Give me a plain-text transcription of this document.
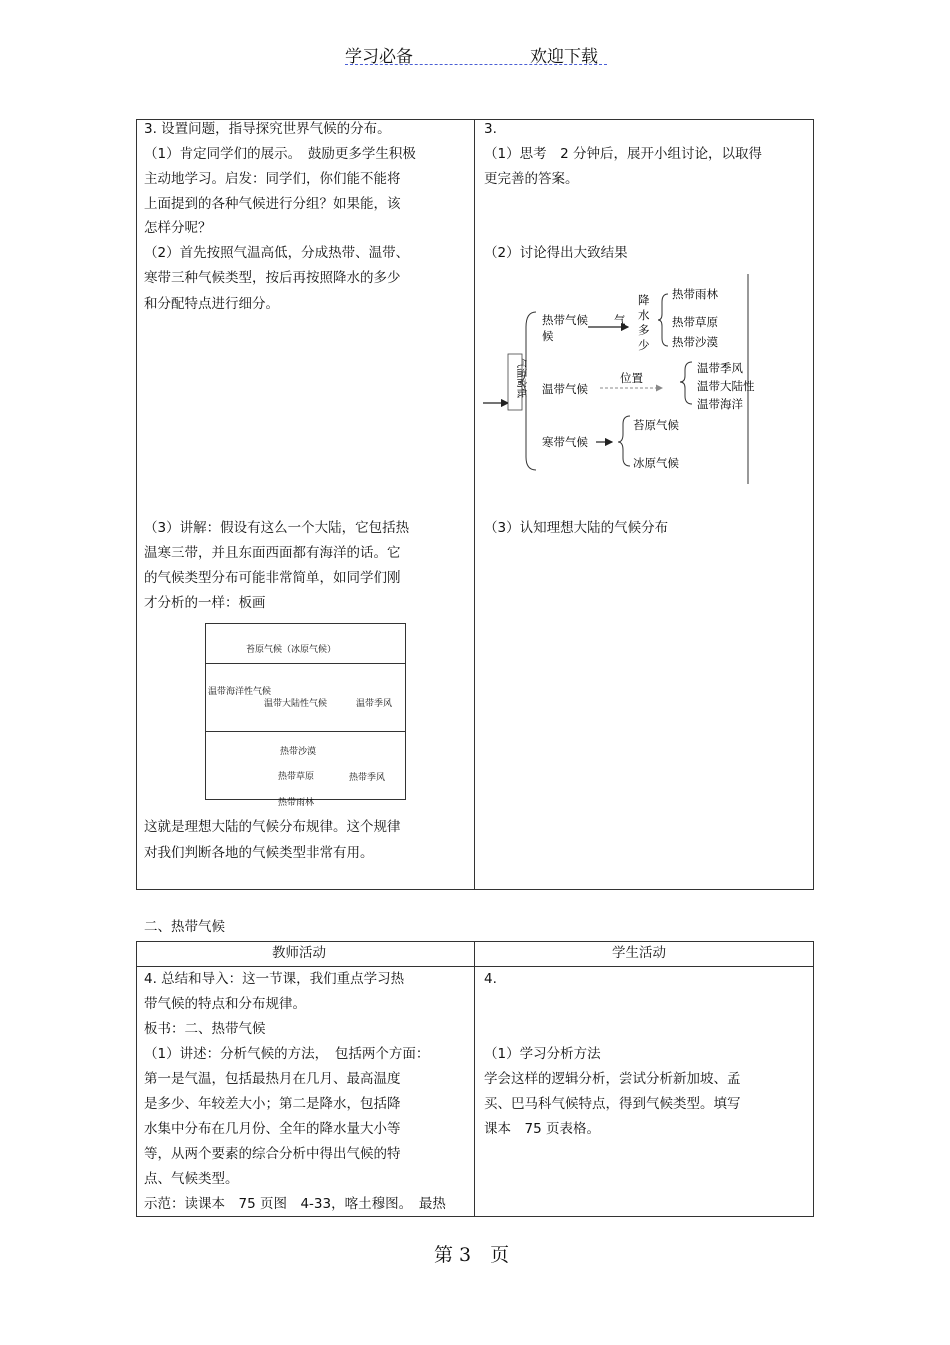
学习必备	欢迎下载
3. 设置问题，指导探究世界气候的分布。
（1）肯定同学们的展示。　鼓励更多学生积极
主动地学习。启发：同学们，你们能不能将
上面提到的各种气候进行分组？如果能，该
怎样分呢？
（2）首先按照气温高低，分成热带、温带、
寒带三种气候类型，按后再按照降水的多少
和分配特点进行细分。
（3）讲解：假设有这么一个大陆，它包括热
温寒三带，并且东面西面都有海洋的话。它
的气候类型分布可能非常简单，如同学们刚
才分析的一样：板画
苔原气候（冰原气候）
温带海洋性气候
温带大陆性气候	温带季风
热带沙漠
热带草原	热带季风
热带雨林
这就是理想大陆的气候分布规律。这个规律
对我们判断各地的气候类型非常有用。
3.
（1）思考　2 分钟后，展开小组讨论，以取得
更完善的答案。
（2）讨论得出大致结果
气温高低
热带气候
候
气
降
水
多
少
热带雨林
热带草原
热带沙漠
温带气候
位置
温带季风
温带大陆性
温带海洋
寒带气候
苔原气候
冰原气候
（3）认知理想大陆的气候分布
二、热带气候
教师活动	学生活动
4. 总结和导入：这一节课，我们重点学习热
带气候的特点和分布规律。
板书：二、热带气候
（1）讲述：分析气候的方法，　包括两个方面：
第一是气温，包括最热月在几月、最高温度
是多少、年较差大小；第二是降水，包括降
水集中分布在几月份、全年的降水量大小等
等，从两个要素的综合分析中得出气候的特
点、气候类型。
示范：读课本　75 页图　4-33，喀土穆图。　最热
4.
（1）学习分析方法
学会这样的逻辑分析，尝试分析新加坡、孟
买、巴马科气候特点，得到气候类型。填写
课本　75 页表格。
第 3　页
